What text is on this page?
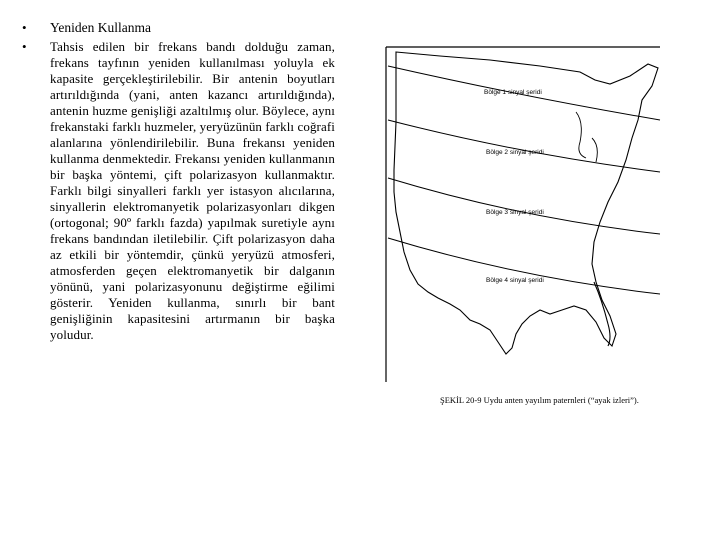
•	Yeniden Kullanma
•	Tahsis edilen bir frekans bandı dolduğu zaman, frekans tayfının yeniden kullanılması yoluyla ek kapasite gerçekleştirilebilir. Bir antenin boyutları artırıldığında (yani, anten kazancı artırıldığında), antenin huzme genişliği azaltılmış olur. Böylece, aynı frekanstaki farklı huzmeler, yeryüzünün farklı coğrafi alanlarına yönlendirilebilir. Buna frekansı yeniden kullanma denmektedir. Frekansı yeniden kullanmanın bir başka yöntemi, çift polarizasyon kullanmaktır. Farklı bilgi sinyalleri farklı yer istasyon alıcılarına, sinyallerin elektromanyetik polarizasyonları dikgen (ortogonal; 90º farklı fazda) yapılmak suretiyle aynı frekans bandından iletilebilir. Çift polarizasyon daha az etkili bir yöntemdir, çünkü yeryüzü atmosferi, atmosferden geçen elektromanyetik bir dalganın yönünü, yani polarizasyonunu değiştirme eğilimi gösterir. Yeniden kullanma, sınırlı bir bant genişliğinin kapasitesini artırmanın bir başka yoludur.
Bölge 1 sinyal şeridi
Bölge 2 sinyal şeridi
Bölge 3 sinyal şeridi
Bölge 4 sinyal şeridi
ŞEKİL 20-9 Uydu anten yayılım paternleri (“ayak izleri”).
